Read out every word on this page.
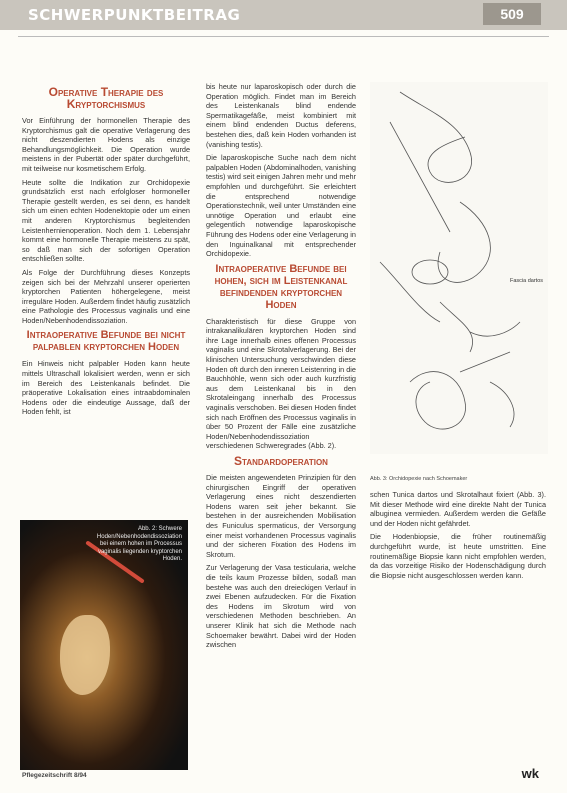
SCHWERPUNKTBEITRAG	509
Operative Therapie des Kryptorchismus

Vor Einführung der hormonellen Therapie des Kryptorchismus galt die operative Verlagerung des nicht deszendierten Hodens als einzige Behandlungsmöglichkeit. Die Operation wurde meistens in der Pubertät oder später durchgeführt, mit teilweise nur kosmetischem Erfolg.

Heute sollte die Indikation zur Orchidopexie grundsätzlich erst nach erfolgloser hormoneller Therapie gestellt werden, es sei denn, es handelt sich um einen echten Hodenektopie oder um einen mit anderen Kryptorchismus begleitenden Leistenhernienoperation. Noch dem 1. Lebensjahr kommt eine hormonelle Therapie meistens zu spät, so daß man sich der sofortigen Operation entschließen sollte.

Als Folge der Durchführung dieses Konzepts zeigen sich bei der Mehrzahl unserer operierten kryptorchen Patienten höhergelegene, meist irreguläre Hoden. Außerdem findet häufig zusätzlich eine Pathologie des Processus vaginalis und eine Hoden/Nebenhodendissoziation.

Intraoperative Befunde bei nicht palpablen kryptorchen Hoden

Ein Hinweis nicht palpabler Hoden kann heute mittels Ultraschall lokalisiert werden, wenn er sich im Bereich des Leistenkanals befindet. Die präoperative Lokalisation eines intraabdominalen Hodens oder die eindeutige Aussage, daß der Hoden fehlt, ist

Abb. 2: Schwere Hoden/Nebenhodendissoziation bei einem hohen im Processus vaginalis liegenden kryptorchen Hoden.

bis heute nur laparoskopisch oder durch die Operation möglich. Findet man im Bereich des Leistenkanals blind endende Spermatikagefäße, meist kombiniert mit einem blind endenden Ductus deferens, bestehen dies, daß kein Hoden vorhanden ist (vanishing testis).

Die laparoskopische Suche nach dem nicht palpablen Hoden (Abdominalhoden, vanishing testis) wird seit einigen Jahren mehr und mehr empfohlen und durchgeführt. Sie erleichtert die entsprechend notwendige Operationstechnik, weil unter Umständen eine unnötige Operation und erlaubt eine gelegentlich notwendige laparoskopische Führung des Hodens oder eine Verlagerung in den Inguinalkanal mit entsprechender Orchidopexie.

Intraoperative Befunde bei hohen, sich im Leistenkanal befindenden kryptorchen Hoden

Charakteristisch für diese Gruppe von intrakanalikulären kryptorchen Hoden sind ihre Lage innerhalb eines offenen Processus vaginalis und eine Skrotalverlagerung. Bei der klinischen Untersuchung verschwinden diese Hoden oft durch den inneren Leistenring in die Bauchhöhle, wenn sich oder auch kurzfristig aus dem Leistenkanal bis in den Skrotaleingang innerhalb des Processus vaginalis verschoben. Bei diesen Hoden findet sich nach Eröffnen des Processus vaginalis in über 50 Prozent der Fälle eine zusätzliche Hoden/Nebenhodendissoziation verschiedenen Schweregrades (Abb. 2).

Standardoperation

Die meisten angewendeten Prinzipien für den chirurgischen Eingriff der operativen Verlagerung eines nicht deszendierten Hodens waren seit jeher bekannt. Sie bestehen in der ausreichenden Mobilisation des Funiculus spermaticus, der Versorgung einer meist vorhandenen Processus vaginalis und der sicheren Fixation des Hodens im Skrotum.

Zur Verlagerung der Vasa testicularia, welche die teils kaum Prozesse bilden, sodaß man bestehe was auch den dreieckigen Verlauf in zwei Ebenen aufzudecken. Für die Fixation des Hodens im Skrotum wird von verschiedenen Methoden beschrieben. An unserer Klinik hat sich die Methode nach Schoemaker bewährt. Dabei wird der Hoden zwischen

Fascia dartos
Abb. 3: Orchidopexie nach Schoemaker

schen Tunica dartos und Skrotalhaut fixiert (Abb. 3). Mit dieser Methode wird eine direkte Naht der Tunica albuginea vermieden. Außerdem werden die Gefäße und der Hoden nicht gefährdet.

Die Hodenbiopsie, die früher routinemäßig durchgeführt wurde, ist heute umstritten. Eine routinemäßige Biopsie kann nicht empfohlen werden, da das vorzeitige Risiko der Hodenschädigung durch die Biopsie nicht ausgeschlossen werden kann.

Pflegezeitschrift 8/94	wk
